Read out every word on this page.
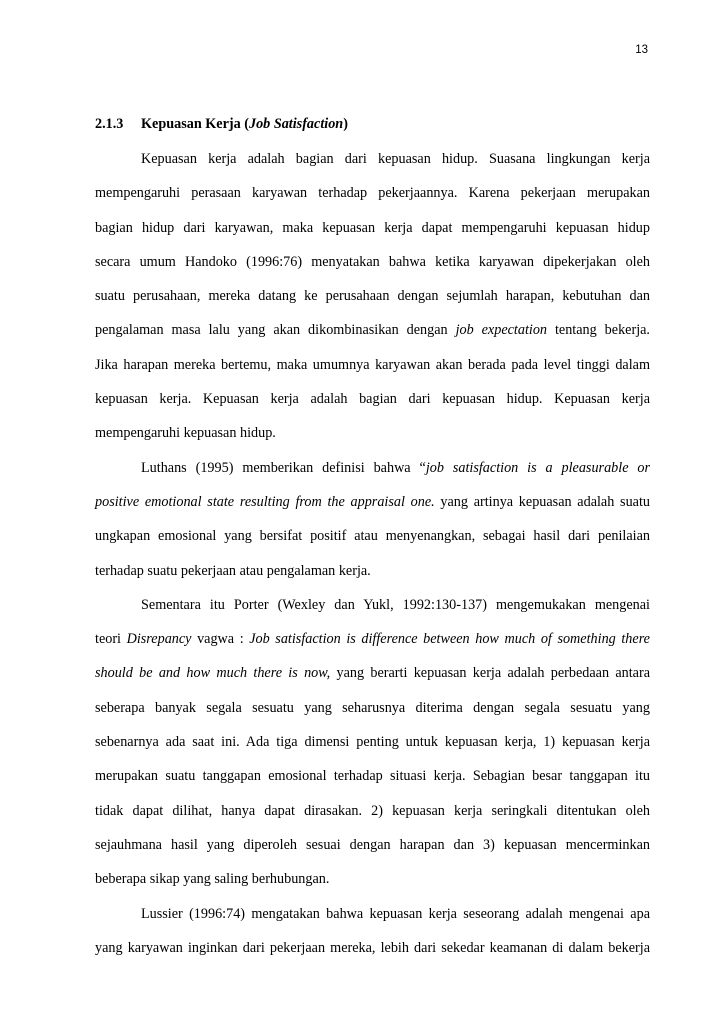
13
2.1.3 Kepuasan Kerja (Job Satisfaction)
Kepuasan kerja adalah bagian dari kepuasan hidup. Suasana lingkungan kerja
mempengaruhi perasaan karyawan terhadap pekerjaannya. Karena pekerjaan merupakan
bagian hidup dari karyawan, maka kepuasan kerja dapat mempengaruhi kepuasan hidup
secara umum Handoko (1996:76) menyatakan bahwa ketika karyawan dipekerjakan oleh
suatu perusahaan, mereka datang ke perusahaan dengan sejumlah harapan, kebutuhan dan
pengalaman masa lalu yang akan dikombinasikan dengan job expectation tentang bekerja.
Jika harapan mereka bertemu, maka umumnya karyawan akan berada pada level tinggi dalam
kepuasan kerja. Kepuasan kerja adalah bagian dari kepuasan hidup. Kepuasan kerja
mempengaruhi kepuasan hidup.
Luthans (1995) memberikan definisi bahwa “job satisfaction is a pleasurable or
positive emotional state resulting from the appraisal one. yang artinya kepuasan adalah suatu
ungkapan emosional yang bersifat positif atau menyenangkan, sebagai hasil dari penilaian
terhadap suatu pekerjaan atau pengalaman kerja.
Sementara itu Porter (Wexley dan Yukl, 1992:130-137) mengemukakan mengenai
teori Disrepancy vagwa : Job satisfaction is difference between how much of something there
should be and how much there is now, yang berarti kepuasan kerja adalah perbedaan antara
seberapa banyak segala sesuatu yang seharusnya diterima dengan segala sesuatu yang
sebenarnya ada saat ini. Ada tiga dimensi penting untuk kepuasan kerja, 1) kepuasan kerja
merupakan suatu tanggapan emosional terhadap situasi kerja. Sebagian besar tanggapan itu
tidak dapat dilihat, hanya dapat dirasakan. 2) kepuasan kerja seringkali ditentukan oleh
sejauhmana hasil yang diperoleh sesuai dengan harapan dan 3) kepuasan mencerminkan
beberapa sikap yang saling berhubungan.
Lussier (1996:74) mengatakan bahwa kepuasan kerja seseorang adalah mengenai apa
yang karyawan inginkan dari pekerjaan mereka, lebih dari sekedar keamanan di dalam bekerja
